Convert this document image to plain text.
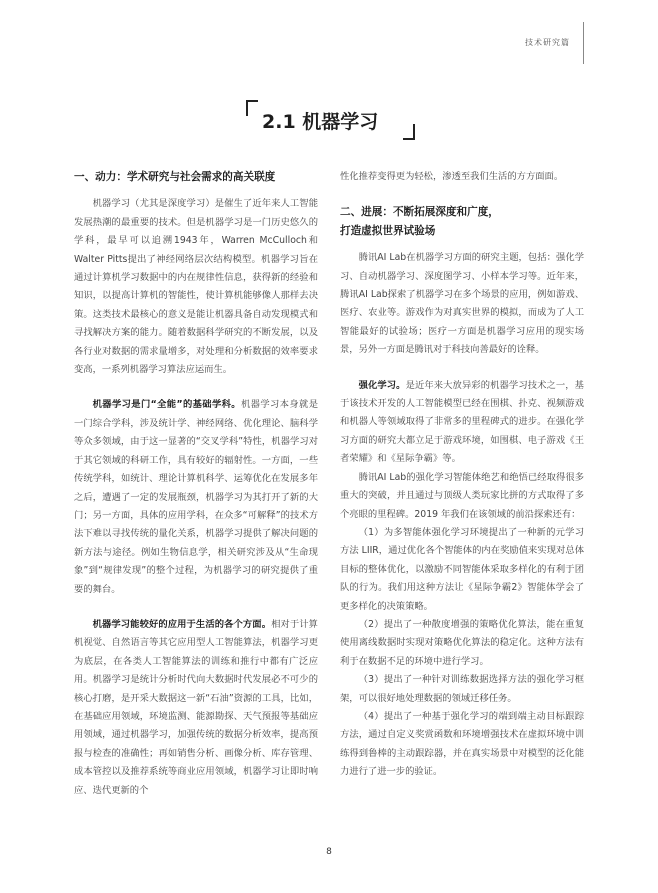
技术研究篇
2.1 机器学习
一、动力：学术研究与社会需求的高关联度

机器学习（尤其是深度学习）是催生了近年来人工智能发展热潮的最重要的技术。但是机器学习是一门历史悠久的学科，最早可以追溯1943年，Warren McCulloch和Walter Pitts提出了神经网络层次结构模型。机器学习旨在通过计算机学习数据中的内在规律性信息，获得新的经验和知识，以提高计算机的智能性，使计算机能够像人那样去决策。这类技术最核心的意义是能让机器具备自动发现模式和寻找解决方案的能力。随着数据科学研究的不断发展，以及各行业对数据的需求量增多，对处理和分析数据的效率要求变高，一系列机器学习算法应运而生。

机器学习是门“全能”的基础学科。机器学习本身就是一门综合学科，涉及统计学、神经网络、优化理论、脑科学等众多领域，由于这一显著的“交叉学科”特性，机器学习对于其它领域的科研工作，具有较好的辐射性。一方面，一些传统学科，如统计、理论计算机科学、运筹优化在发展多年之后，遭遇了一定的发展瓶颈，机器学习为其打开了新的大门；另一方面，具体的应用学科，在众多“可解释”的技术方法下难以寻找传统的量化关系，机器学习提供了解决问题的新方法与途径。例如生物信息学，相关研究涉及从“生命现象”到“规律发现”的整个过程，为机器学习的研究提供了重要的舞台。

机器学习能较好的应用于生活的各个方面。相对于计算机视觉、自然语言等其它应用型人工智能算法，机器学习更为底层，在各类人工智能算法的训练和推行中都有广泛应用。机器学习是统计分析时代向大数据时代发展必不可少的核心打磨，是开采大数据这一新“石油”资源的工具，比如，在基础应用领域，环境监测、能源勘探、天气预报等基础应用领域，通过机器学习，加强传统的数据分析效率，提高预报与检查的准确性；再如销售分析、画像分析、库存管理、成本管控以及推荐系统等商业应用领域，机器学习让即时响应、迭代更新的个

性化推荐变得更为轻松，渗透至我们生活的方方面面。

二、进展：不断拓展深度和广度，
打造虚拟世界试验场

腾讯AI Lab在机器学习方面的研究主题，包括：强化学习、自动机器学习、深度图学习、小样本学习等。近年来，腾讯AI Lab探索了机器学习在多个场景的应用，例如游戏、医疗、农业等。游戏作为对真实世界的模拟，而成为了人工智能最好的试验场；医疗一方面是机器学习应用的现实场景，另外一方面是腾讯对于科技向善最好的诠释。

强化学习。是近年来大放异彩的机器学习技术之一，基于该技术开发的人工智能模型已经在围棋、扑克、视频游戏和机器人等领域取得了非常多的里程碑式的进步。在强化学习方面的研究大都立足于游戏环境，如围棋、电子游戏《王者荣耀》和《星际争霸》等。

腾讯AI Lab的强化学习智能体绝艺和绝悟已经取得很多重大的突破，并且通过与顶级人类玩家比拼的方式取得了多个亮眼的里程碑。2019 年我们在该领域的前沿探索还有：

（1）为多智能体强化学习环境提出了一种新的元学习方法 LIIR，通过优化各个智能体的内在奖励值来实现对总体目标的整体优化，以激励不同智能体采取多样化的有利于团队的行为。我们用这种方法让《星际争霸2》智能体学会了更多样化的决策策略。

（2）提出了一种散度增强的策略优化算法，能在重复使用离线数据时实现对策略优化算法的稳定化。这种方法有利于在数据不足的环境中进行学习。

（3）提出了一种针对训练数据选择方法的强化学习框架，可以很好地处理数据的领域迁移任务。

（4）提出了一种基于强化学习的端到端主动目标跟踪方法，通过自定义奖赏函数和环境增强技术在虚拟环境中训练得到鲁棒的主动跟踪器，并在真实场景中对模型的泛化能力进行了进一步的验证。

8
